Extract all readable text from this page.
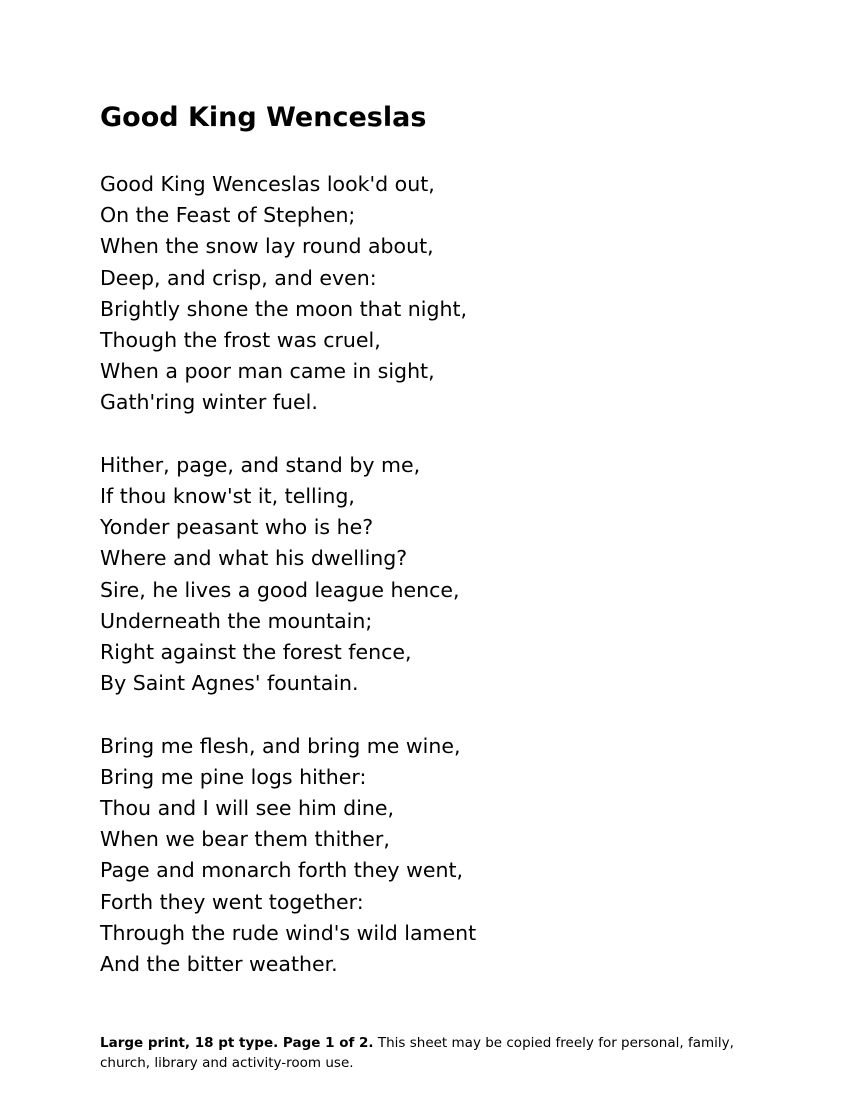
Good King Wenceslas
Good King Wenceslas look'd out,
On the Feast of Stephen;
When the snow lay round about,
Deep, and crisp, and even:
Brightly shone the moon that night,
Though the frost was cruel,
When a poor man came in sight,
Gath'ring winter fuel.
Hither, page, and stand by me,
If thou know'st it, telling,
Yonder peasant who is he?
Where and what his dwelling?
Sire, he lives a good league hence,
Underneath the mountain;
Right against the forest fence,
By Saint Agnes' fountain.
Bring me flesh, and bring me wine,
Bring me pine logs hither:
Thou and I will see him dine,
When we bear them thither,
Page and monarch forth they went,
Forth they went together:
Through the rude wind's wild lament
And the bitter weather.

Large print, 18 pt type. Page 1 of 2. This sheet may be copied freely for personal, family, church, library and activity-room use.
